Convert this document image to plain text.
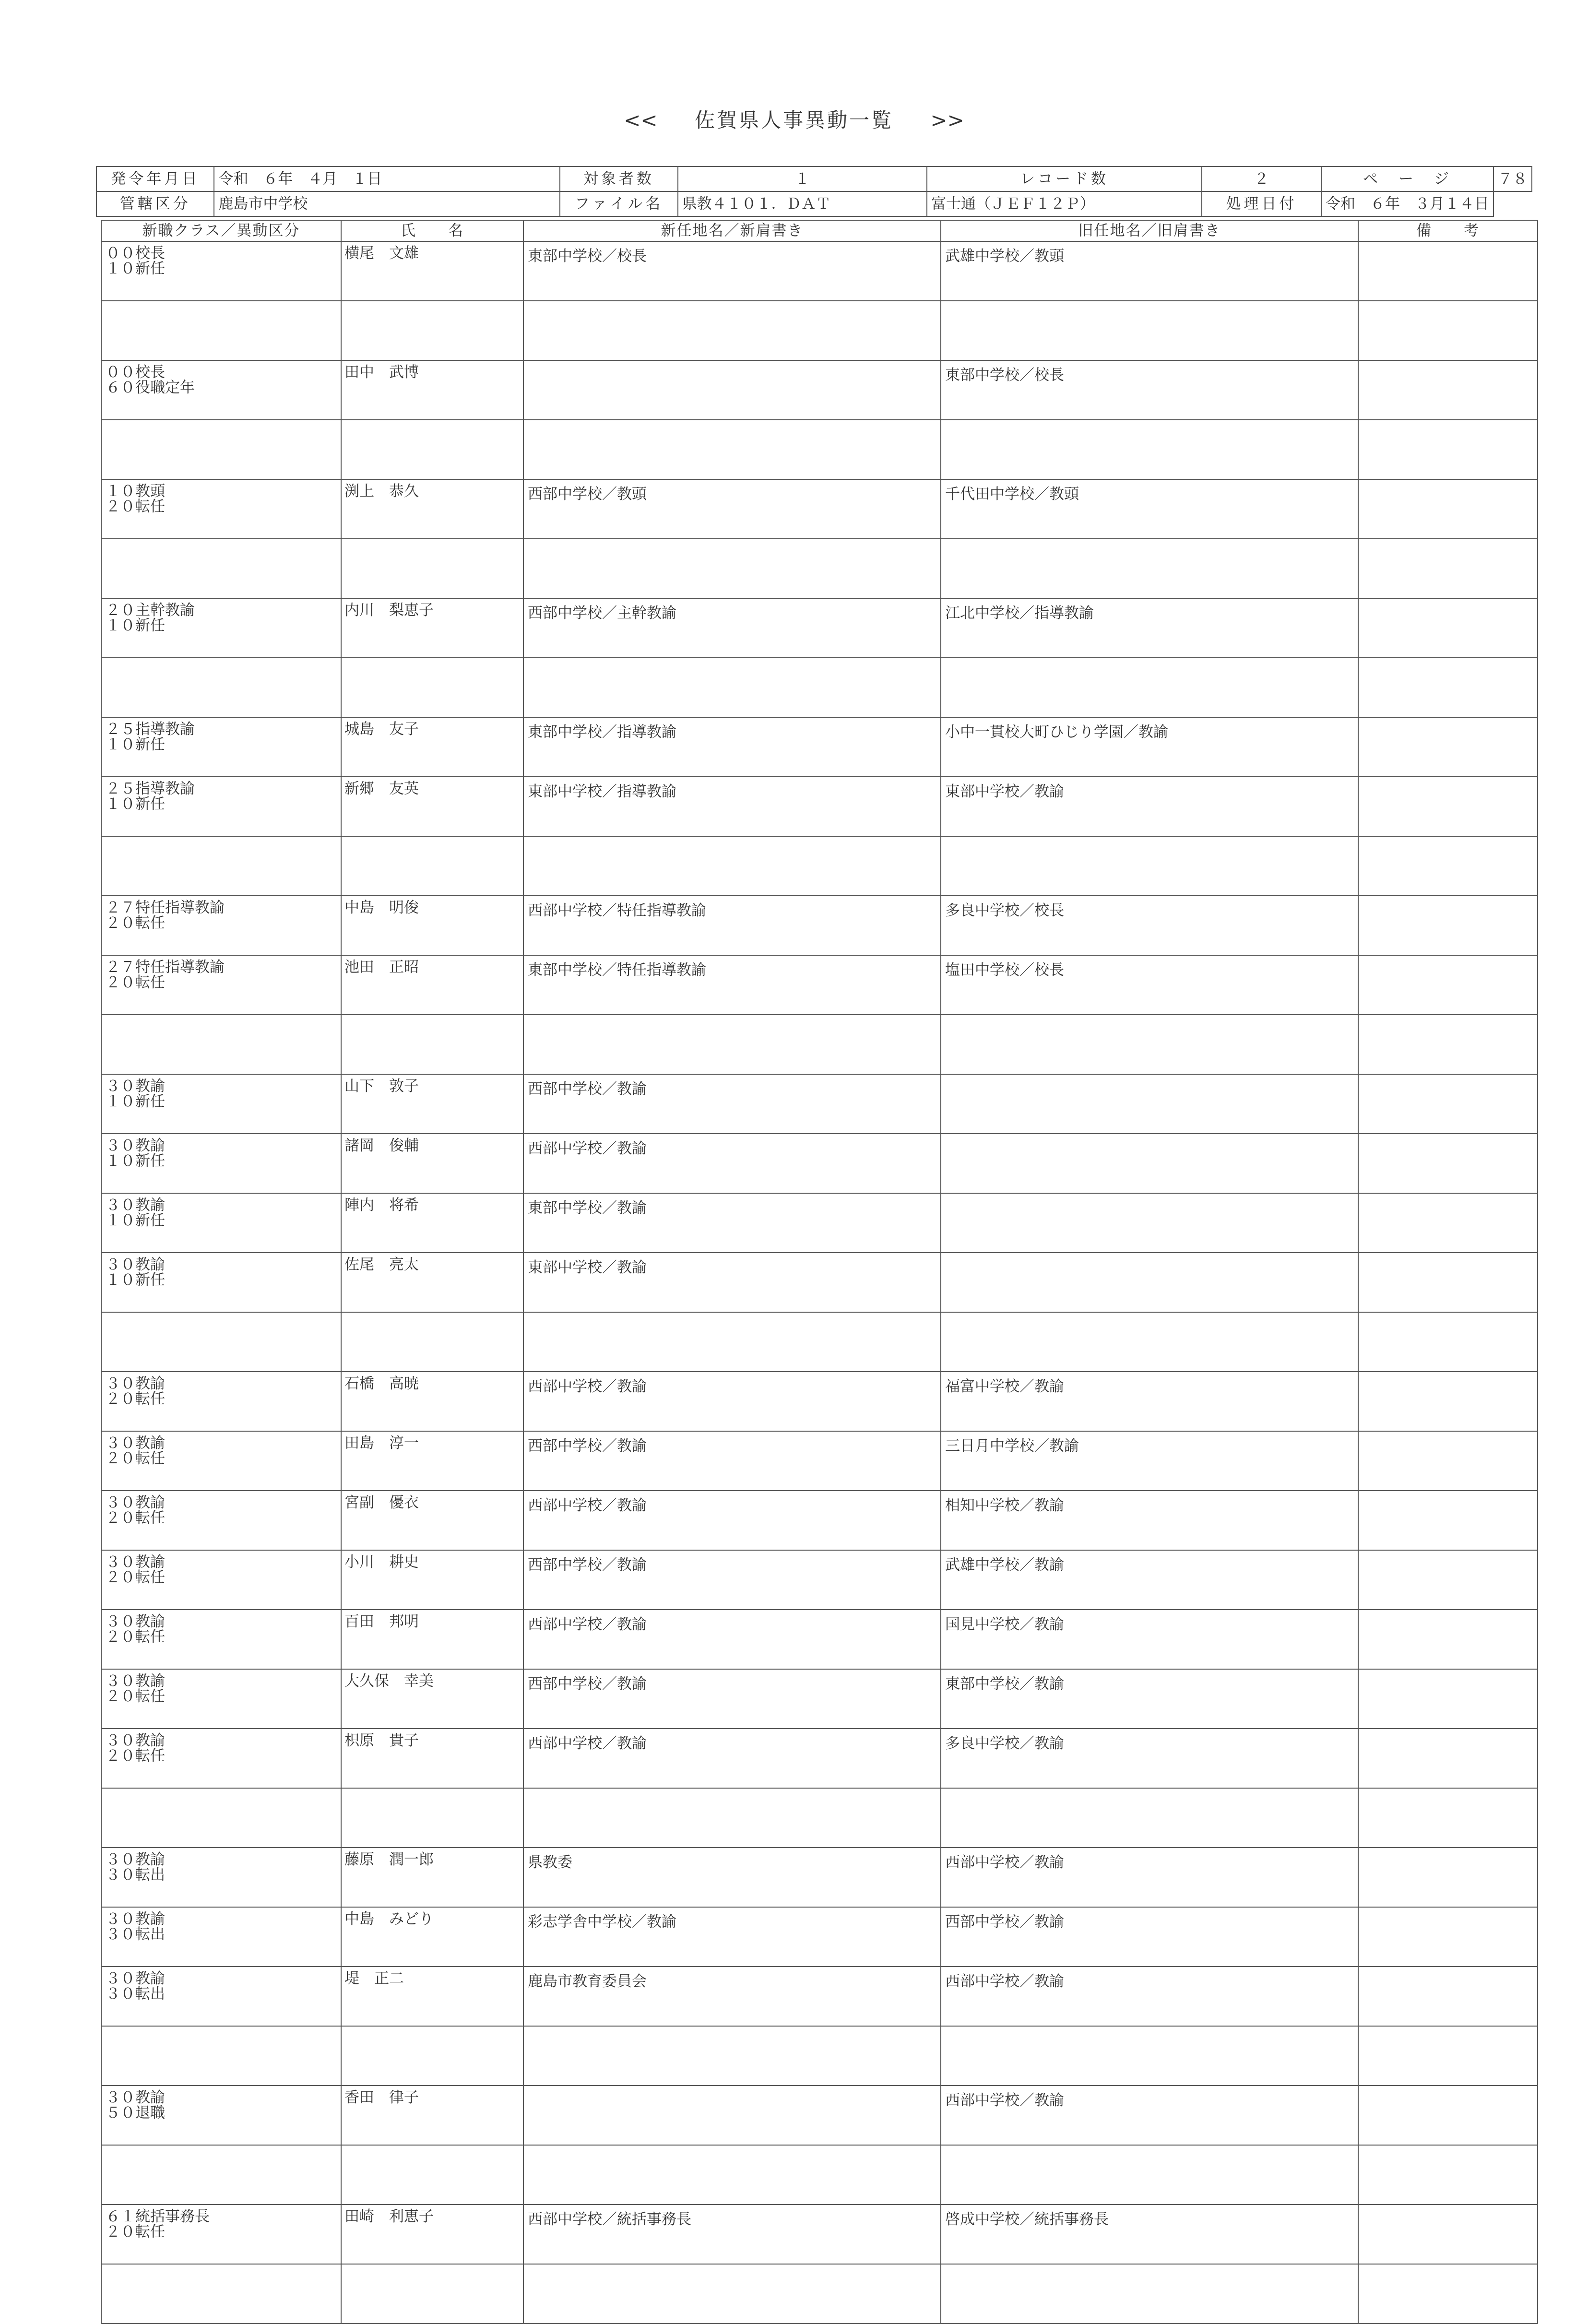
<< 佐賀県人事異動一覧 >>
発令年月日	令和　６年　４月　１日	対象者数	１	レコード数	２	ペ　ー　ジ	７８
管轄区分	鹿島市中学校	ファイル名	県教４１０１．ＤＡＴ	富士通（ＪＥＦ１２Ｐ）	処理日付	令和　６年　３月１４日	
新職クラス／異動区分	氏　　名	新任地名／新肩書き	旧任地名／旧肩書き	備　　考

００校長
１０新任	横尾　文雄	東部中学校／校長	武雄中学校／教頭	

００校長
６０役職定年	田中　武博		東部中学校／校長	

１０教頭
２０転任	渕上　恭久	西部中学校／教頭	千代田中学校／教頭	

２０主幹教諭
１０新任	内川　梨恵子	西部中学校／主幹教諭	江北中学校／指導教諭	

２５指導教諭
１０新任	城島　友子	東部中学校／指導教諭	小中一貫校大町ひじり学園／教諭	

２５指導教諭
１０新任	新郷　友英	東部中学校／指導教諭	東部中学校／教諭	

２７特任指導教諭
２０転任	中島　明俊	西部中学校／特任指導教諭	多良中学校／校長	

２７特任指導教諭
２０転任	池田　正昭	東部中学校／特任指導教諭	塩田中学校／校長	

３０教諭
１０新任	山下　敦子	西部中学校／教諭		

３０教諭
１０新任	諸岡　俊輔	西部中学校／教諭		

３０教諭
１０新任	陣内　将希	東部中学校／教諭		

３０教諭
１０新任	佐尾　亮太	東部中学校／教諭		

３０教諭
２０転任	石橋　高暁	西部中学校／教諭	福富中学校／教諭	

３０教諭
２０転任	田島　淳一	西部中学校／教諭	三日月中学校／教諭	

３０教諭
２０転任	宮副　優衣	西部中学校／教諭	相知中学校／教諭	

３０教諭
２０転任	小川　耕史	西部中学校／教諭	武雄中学校／教諭	

３０教諭
２０転任	百田　邦明	西部中学校／教諭	国見中学校／教諭	

３０教諭
２０転任	大久保　幸美	西部中学校／教諭	東部中学校／教諭	

３０教諭
２０転任	枳原　貴子	西部中学校／教諭	多良中学校／教諭	

３０教諭
３０転出	藤原　潤一郎	県教委	西部中学校／教諭	

３０教諭
３０転出	中島　みどり	彩志学舎中学校／教諭	西部中学校／教諭	

３０教諭
３０転出	堤　正二	鹿島市教育委員会	西部中学校／教諭	

３０教諭
５０退職	香田　律子		西部中学校／教諭	

６１統括事務長
２０転任	田崎　利恵子	西部中学校／統括事務長	啓成中学校／統括事務長	
